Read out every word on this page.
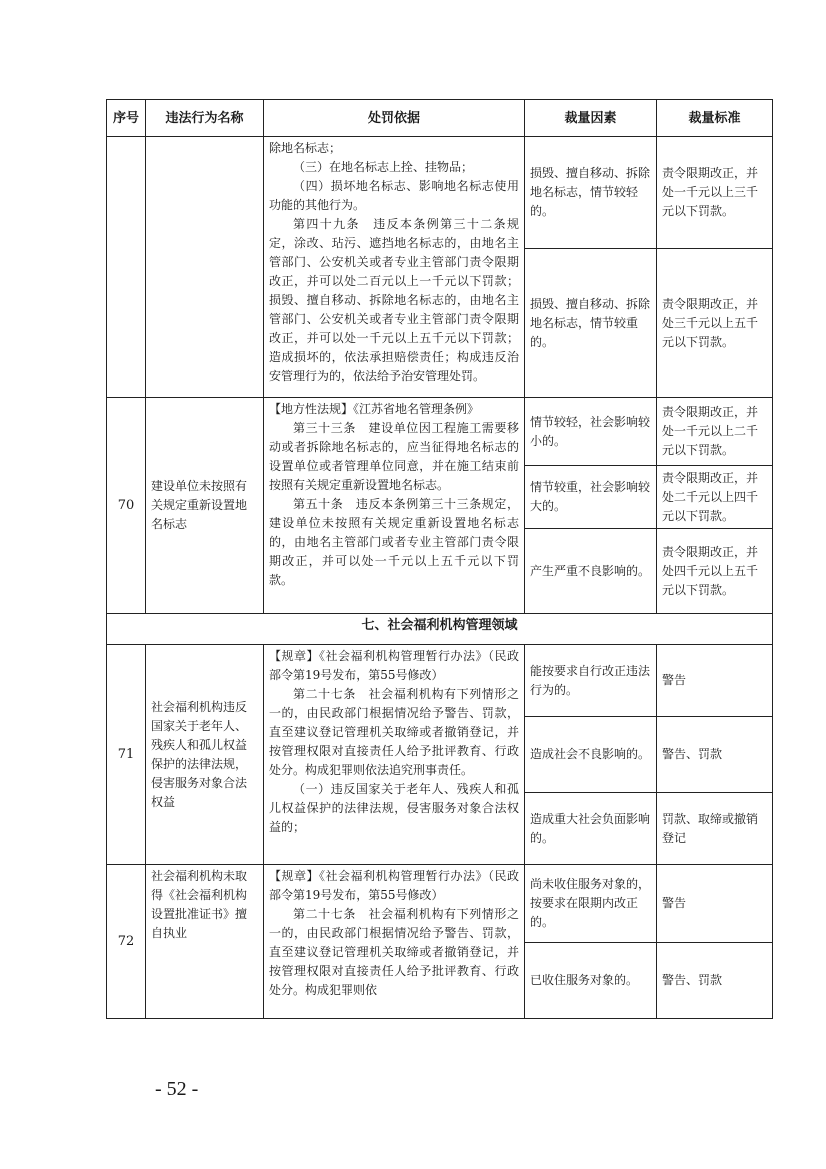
序号	违法行为名称	处罚依据	裁量因素	裁量标准

		除地名标志；
（三）在地名标志上拴、挂物品；
（四）损坏地名标志、影响地名标志使用功能的其他行为。
第四十九条　违反本条例第三十二条规定，涂改、玷污、遮挡地名标志的，由地名主管部门、公安机关或者专业主管部门责令限期改正，并可以处二百元以上一千元以下罚款；损毁、擅自移动、拆除地名标志的，由地名主管部门、公安机关或者专业主管部门责令限期改正，并可以处一千元以上五千元以下罚款；造成损坏的，依法承担赔偿责任；构成违反治安管理行为的，依法给予治安管理处罚。	损毁、擅自移动、拆除地名标志，情节较轻的。	责令限期改正，并处一千元以上三千元以下罚款。
			损毁、擅自移动、拆除地名标志，情节较重的。	责令限期改正，并处三千元以上五千元以下罚款。
70	建设单位未按照有关规定重新设置地名标志	【地方性法规】《江苏省地名管理条例》
第三十三条　建设单位因工程施工需要移动或者拆除地名标志的，应当征得地名标志的设置单位或者管理单位同意，并在施工结束前按照有关规定重新设置地名标志。
第五十条　违反本条例第三十三条规定，建设单位未按照有关规定重新设置地名标志的，由地名主管部门或者专业主管部门责令限期改正，并可以处一千元以上五千元以下罚款。	情节较轻，社会影响较小的。	责令限期改正，并处一千元以上二千元以下罚款。
			情节较重，社会影响较大的。	责令限期改正，并处二千元以上四千元以下罚款。
			产生严重不良影响的。	责令限期改正，并处四千元以上五千元以下罚款。
七、社会福利机构管理领域				
71	社会福利机构违反国家关于老年人、残疾人和孤儿权益保护的法律法规，侵害服务对象合法权益	【规章】《社会福利机构管理暂行办法》（民政部令第19号发布，第55号修改）
第二十七条　社会福利机构有下列情形之一的，由民政部门根据情况给予警告、罚款，直至建议登记管理机关取缔或者撤销登记，并按管理权限对直接责任人给予批评教育、行政处分。构成犯罪则依法追究刑事责任。
（一）违反国家关于老年人、残疾人和孤儿权益保护的法律法规，侵害服务对象合法权益的；	能按要求自行改正违法行为的。	警告
			造成社会不良影响的。	警告、罚款
			造成重大社会负面影响的。	罚款、取缔或撤销登记
72	社会福利机构未取得《社会福利机构设置批准证书》擅自执业	【规章】《社会福利机构管理暂行办法》（民政部令第19号发布，第55号修改）
第二十七条　社会福利机构有下列情形之一的，由民政部门根据情况给予警告、罚款，直至建议登记管理机关取缔或者撤销登记，并按管理权限对直接责任人给予批评教育、行政处分。构成犯罪则依	尚未收住服务对象的，按要求在限期内改正的。	警告
			已收住服务对象的。	警告、罚款
- 52 -
